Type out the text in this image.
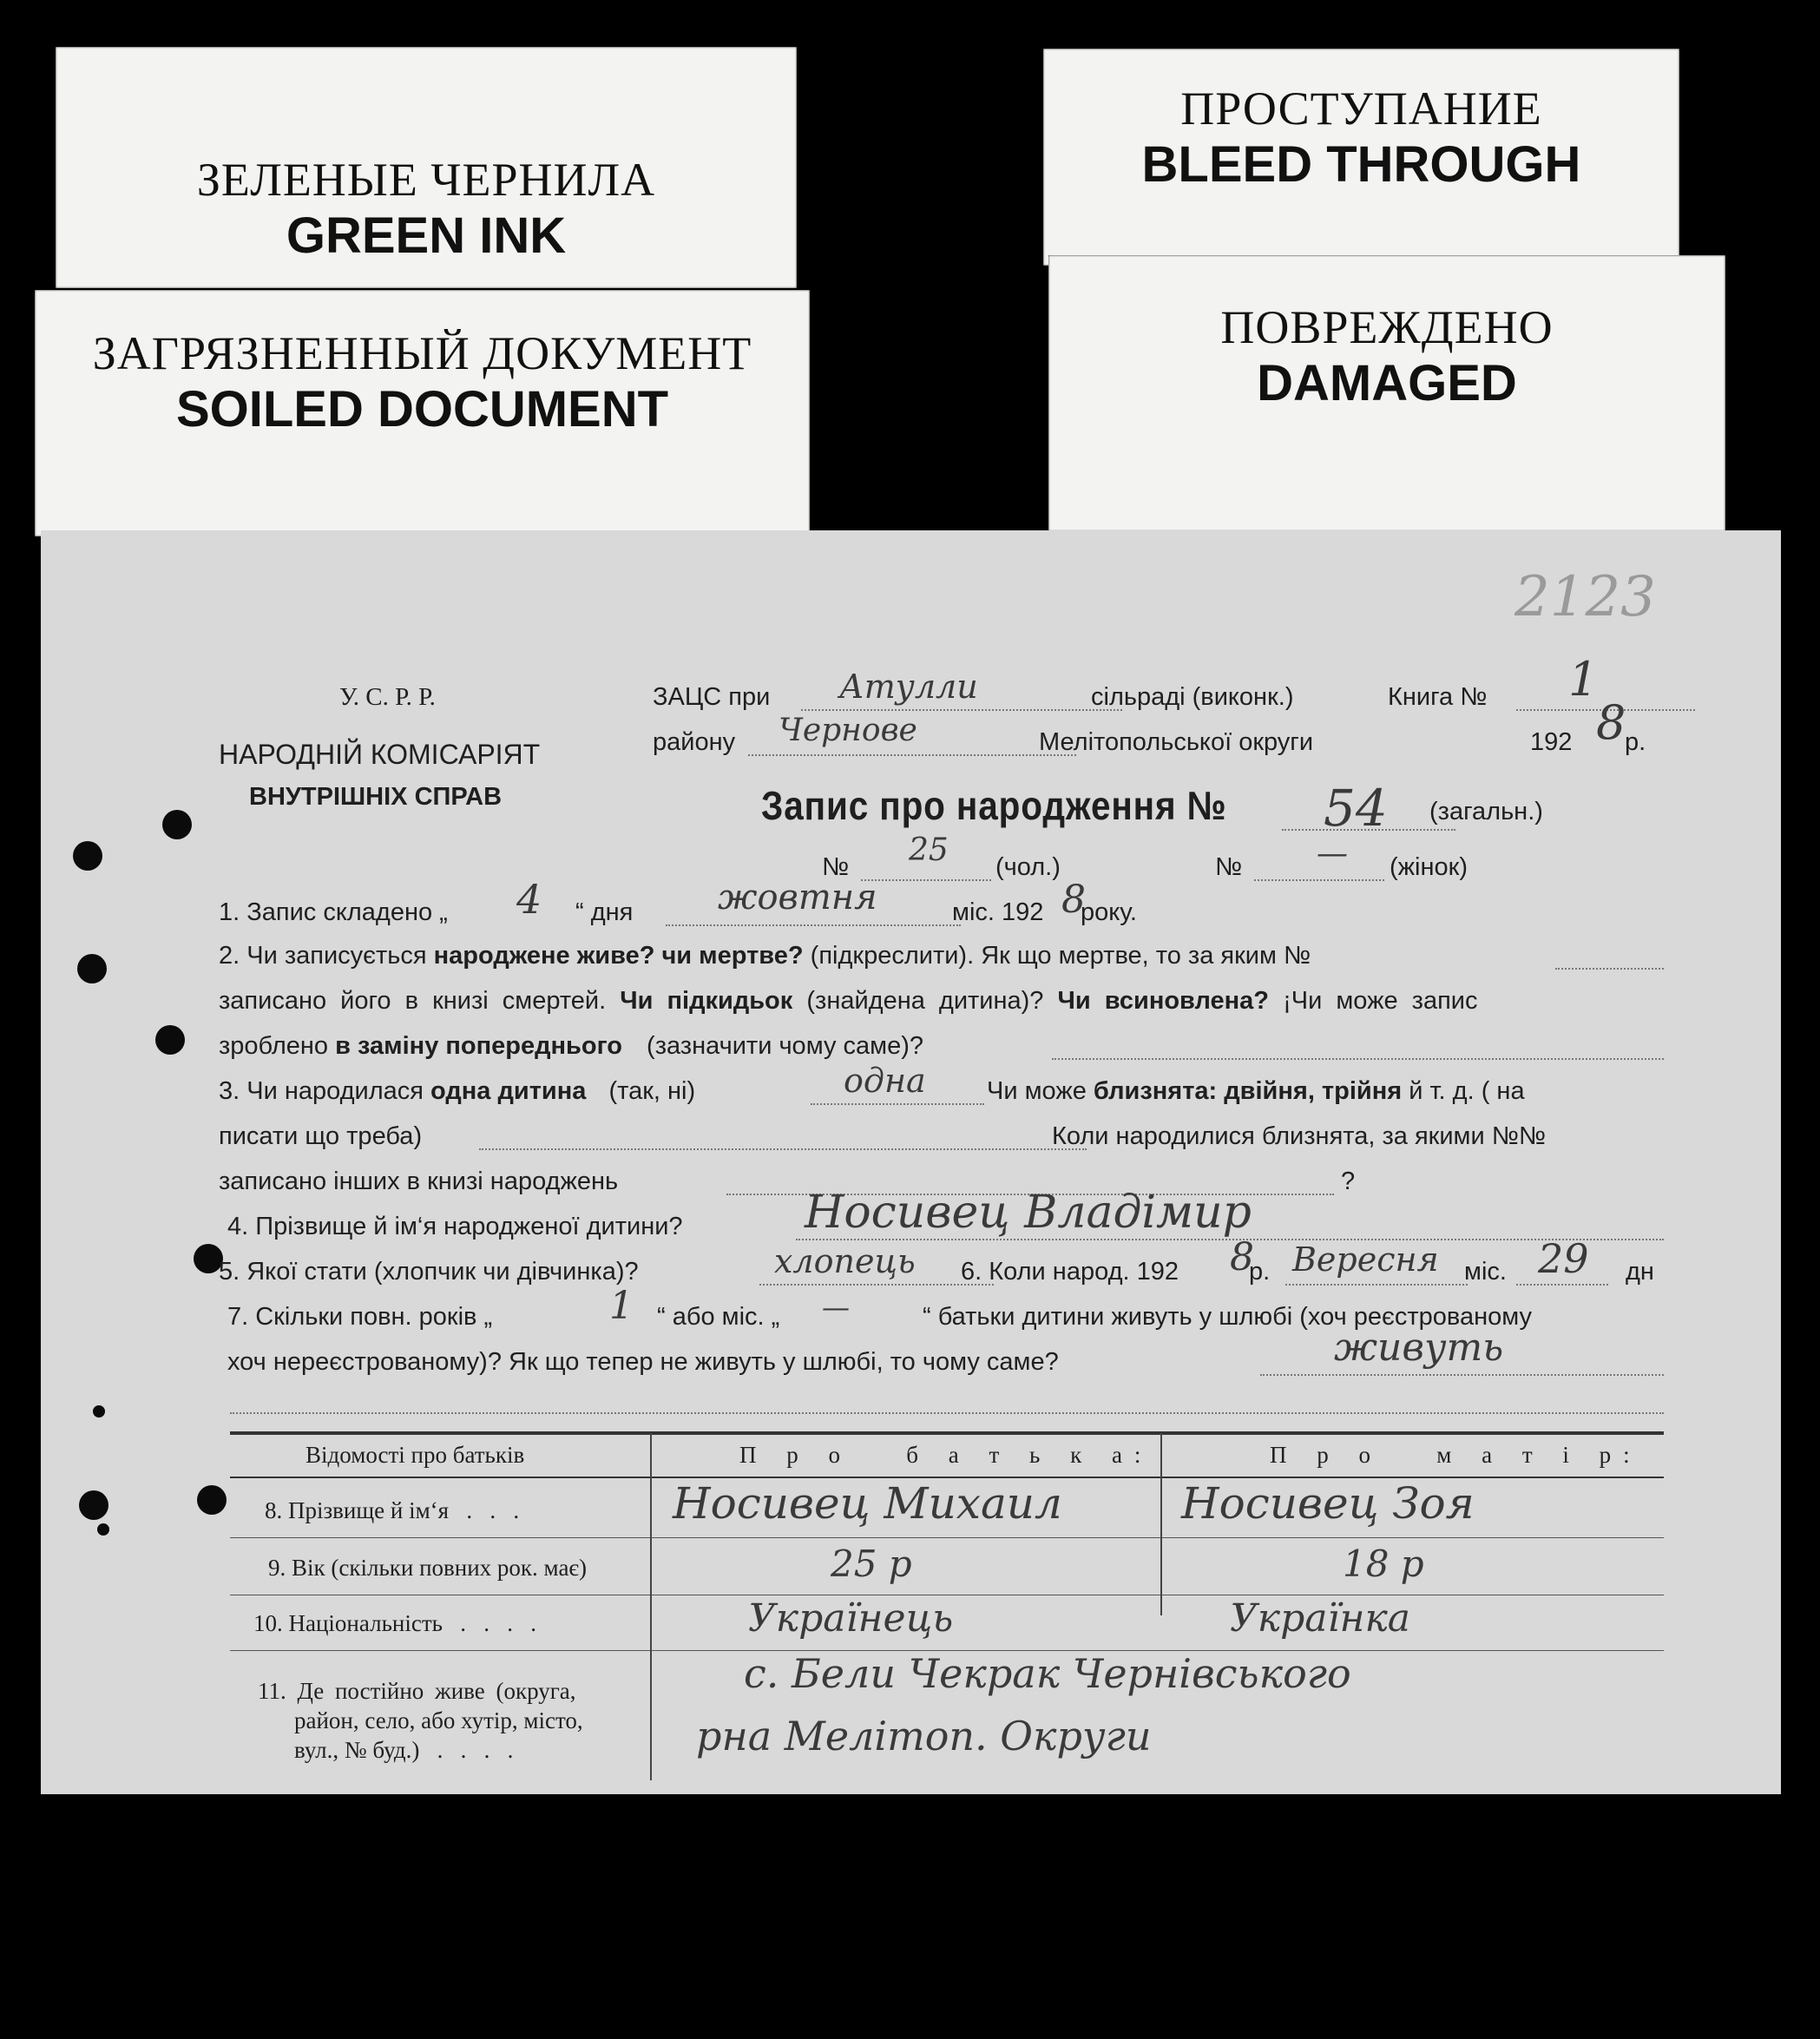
ЗЕЛЕНЫЕ ЧЕРНИЛА
GREEN INK
ЗАГРЯЗНЕННЫЙ ДОКУМЕНТ
SOILED DOCUMENT
ПРОСТУПАНИЕ
BLEED THROUGH
ПОВРЕЖДЕНО
DAMAGED
2123
У. С. Р. Р.
НАРОДНІЙ КОМІСАРІЯТ
ВНУТРІШНІХ СПРАВ
ЗАЦС при Атулли	сільраді (виконк.)	Книга № 1
району Чернове	Мелітопольської округи	192 8
р.
Запис про народження № 54 (загальн.)
№ 25 (чол.)	№ — (жінок)
1. Запис складено „ 4 “ дня жовтня	міс. 192 8
року.
2. Чи записується народжене живе? чи мертве? (підкреслити). Як що мертве, то за яким №
записано його в книзі смертей. Чи підкидьок (знайдена дитина)? Чи всиновлена? ¡Чи може запис
зроблено в заміну попереднього (зазначити чому саме)?
3. Чи народилася одна дитина (так, ні)	одна Чи може близнята: двійня, трійня й т. д. ( на
писати що треба)	Коли народилися близнята, за якими №№
записано інших в книзі народжень	?
4. Прізвище й ім‘я народженої дитини?	Носивец Владімир
5. Якої стати (хлопчик чи дівчинка)?	хлопець 6. Коли народ. 192 8
р. Вересня міс. 29 дн
7. Скільки повн. років „	1 “ або міс. „ —	“ батьки дитини живуть у шлюбі (хоч реєстрованому
хоч нереєстрованому)? Як що тепер не живуть у шлюбі, то чому саме?	живуть
Відомості про батьків	П р о   б а т ь к а:	П р о   м а т і р:
8. Прізвище й ім‘я   .   .   .	Носивец Михаил	Носивец Зоя
9. Вік (скільки повних рок. має)	25 р	18 р
10. Національність   .   .   .   .	Українець	Українка
11. Де постійно живе (округа,
район, село, або хутір, місто,
вул., № буд.)   .   .   .   .
с. Бели Чекрак Чернівського
рна Мелітоп. Округи
